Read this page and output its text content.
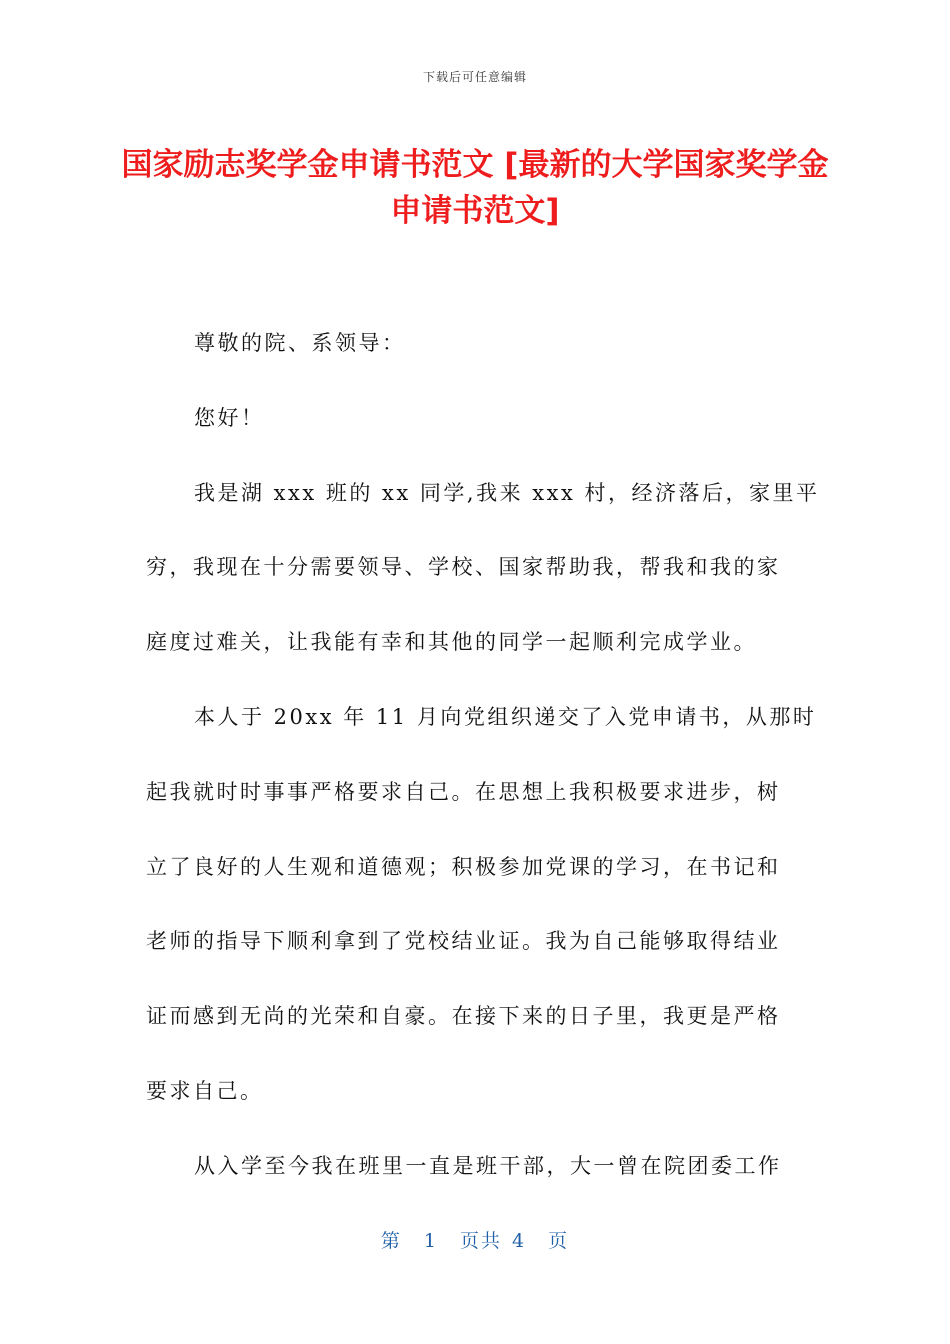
下载后可任意编辑
国家励志奖学金申请书范文 [最新的大学国家奖学金申请书范文]
尊敬的院、系领导：
您好！
我是湖 xxx 班的 xx 同学,我来 xxx 村，经济落后，家里平
穷，我现在十分需要领导、学校、国家帮助我，帮我和我的家
庭度过难关，让我能有幸和其他的同学一起顺利完成学业。
本人于 20xx 年 11 月向党组织递交了入党申请书，从那时
起我就时时事事严格要求自己。在思想上我积极要求进步，树
立了良好的人生观和道德观；积极参加党课的学习，在书记和
老师的指导下顺利拿到了党校结业证。我为自己能够取得结业
证而感到无尚的光荣和自豪。在接下来的日子里，我更是严格
要求自己。
从入学至今我在班里一直是班干部，大一曾在院团委工作
第 1 页共 4 页
